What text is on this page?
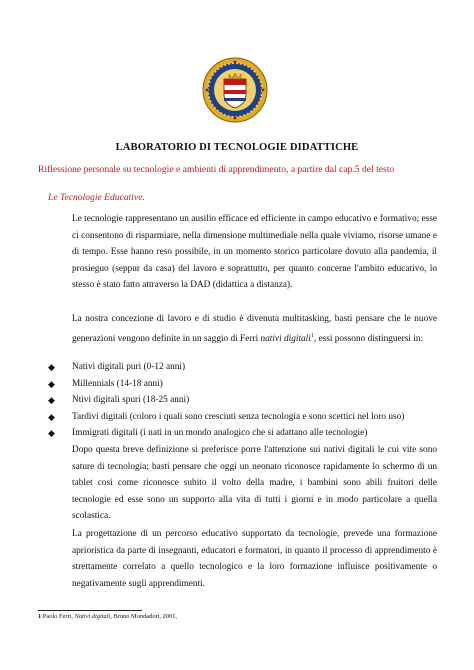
LABORATORIO DI TECNOLOGIE DIDATTICHE
Riflessione personale su tecnologie e ambienti di apprendimento, a partire dal cap.5 del testo
Le Tecnologie Educative.
Le tecnologie rappresentano un ausilio efficace ed efficiente in campo educativo e formativo; esse ci consentono di risparmiare, nella dimensione multimediale nella quale viviamo, risorse umane e di tempo. Esse hanno reso possibile, in un momento storico particolare dovuto alla pandemia, il prosieguo (seppur da casa) del lavoro e soprattutto, per quanto concerne l'ambito educativo, lo stesso è stato fatto attraverso la DAD (didattica a distanza).
La nostra concezione di lavoro e di studio è divenuta multitasking, basti pensare che le nuove generazioni vengono definite in un saggio di Ferri nativi digitali$^1$, essi possono distinguersi in:
◆ Nativi digitali puri (0-12 anni)
◆ Millennials (14-18 anni)
◆ Ntivi digitali spuri (18-25 anni)
◆ Tardivi digitali (coloro i quali sono cresciuti senza tecnologia e sono scettici nel loro uso)
◆ Immigrati digitali (i nati in un mondo analogico che si adattano alle tecnologie)
Dopo questa breve definizione si preferisce porre l'attenzione sui nativi digitali le cui vite sono sature di tecnologia; basti pensare che oggi un neonato riconosce rapidamente lo schermo di un tablet così come riconosce subito il volto della madre, i bambini sono abili fruitori delle tecnologie ed esse sono un supporto alla vita di tutti i giorni e in modo particolare a quella scolastica.
La progettazione di un percorso educativo supportato da tecnologie, prevede una formazione aprioristica da parte di insegnanti, educatori e formatori, in quanto il processo di apprendimento è strettamente correlato a quello tecnologico e la loro formazione influisce positivamente o negativamente sugli apprendimenti.
1 Paolo Ferri, Nativi digitali, Bruno Mondadori, 2001,
